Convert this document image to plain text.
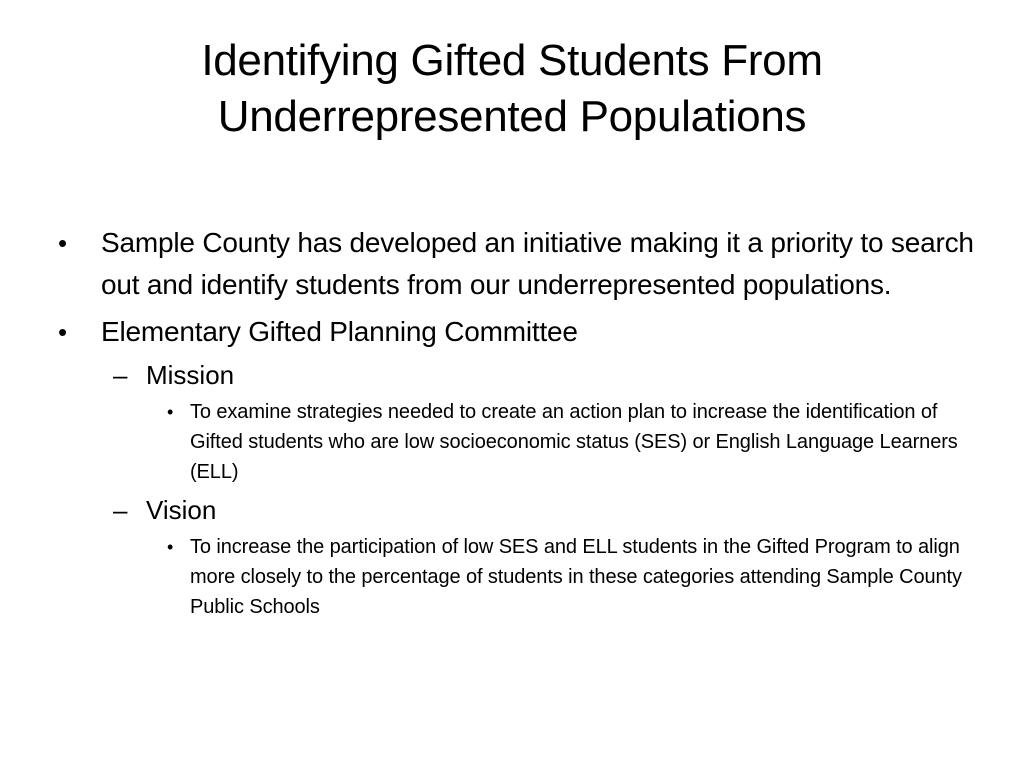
Identifying Gifted Students From
Underrepresented Populations
• Sample County has developed an initiative making it a priority to search out and identify students from our underrepresented populations.
• Elementary Gifted Planning Committee
– Mission
• To examine strategies needed to create an action plan to increase the identification of Gifted students who are low socioeconomic status (SES) or English Language Learners (ELL)
– Vision
• To increase the participation of low SES and ELL students in the Gifted Program to align more closely to the percentage of students in these categories attending Sample County Public Schools
